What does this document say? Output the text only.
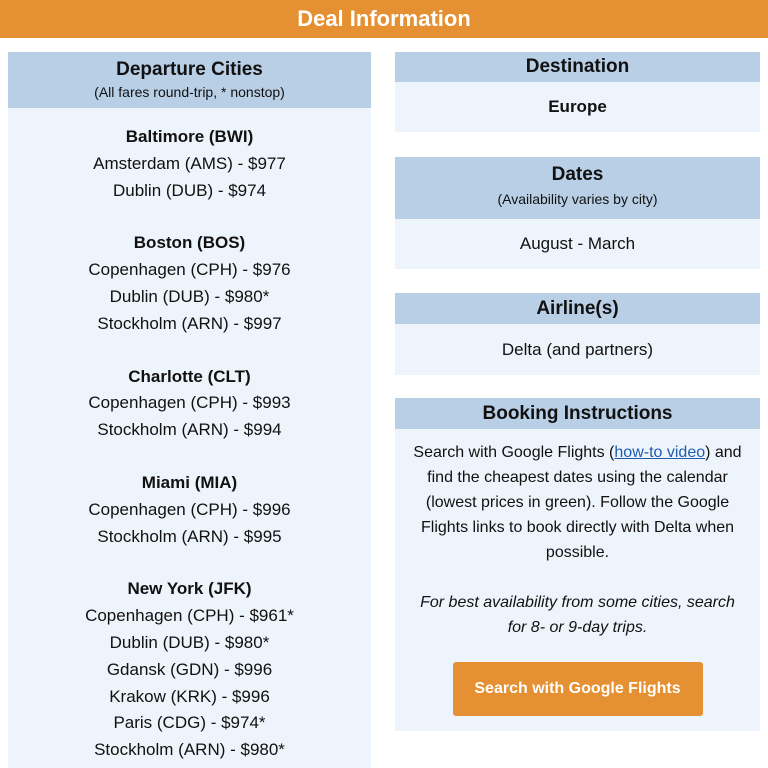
Deal Information
Departure Cities
(All fares round-trip, * nonstop)
Baltimore (BWI)
Amsterdam (AMS) - $977
Dublin (DUB) - $974
Boston (BOS)
Copenhagen (CPH) - $976
Dublin (DUB) - $980*
Stockholm (ARN) - $997
Charlotte (CLT)
Copenhagen (CPH) - $993
Stockholm (ARN) - $994
Miami (MIA)
Copenhagen (CPH) - $996
Stockholm (ARN) - $995
New York (JFK)
Copenhagen (CPH) - $961*
Dublin (DUB) - $980*
Gdansk (GDN) - $996
Krakow (KRK) - $996
Paris (CDG) - $974*
Stockholm (ARN) - $980*
Destination
Europe
Dates
(Availability varies by city)
August - March
Airline(s)
Delta (and partners)
Booking Instructions

Search with Google Flights (how-to video) and find the cheapest dates using the calendar (lowest prices in green). Follow the Google Flights links to book directly with Delta when possible.

For best availability from some cities, search for 8- or 9-day trips.

Search with Google Flights
